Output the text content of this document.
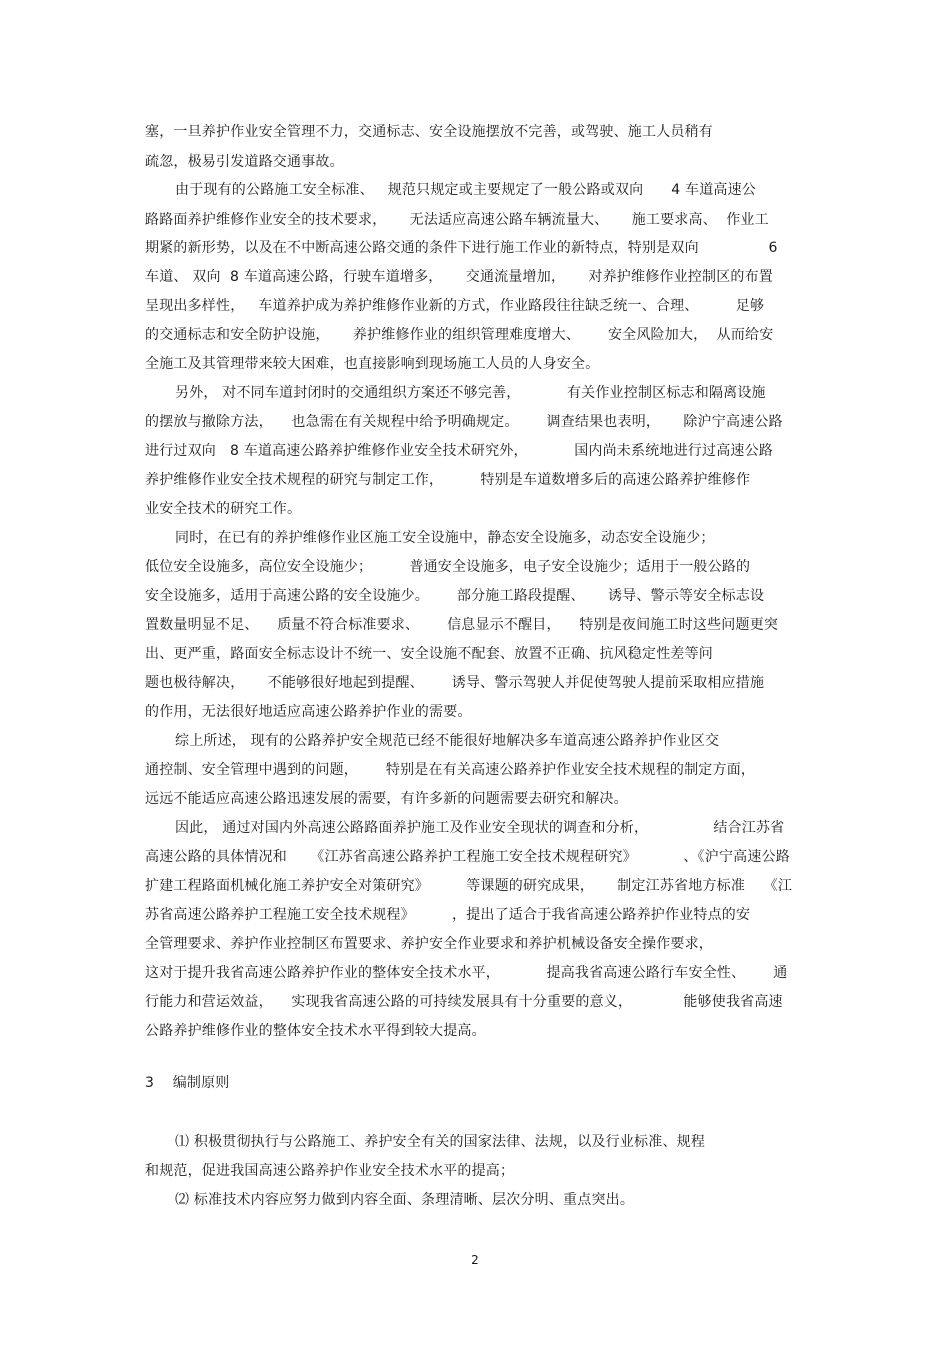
塞，一旦养护作业安全管理不力，交通标志、安全设施摆放不完善，或驾驶、施工人员稍有
疏忽，极易引发道路交通事故。
由于现有的公路施工安全标准、   规范只规定或主要规定了一般公路或双向      4 车道高速公
路路面养护维修作业安全的技术要求，     无法适应高速公路车辆流量大、     施工要求高、  作业工
期紧的新形势，以及在不中断高速公路交通的条件下进行施工作业的新特点，特别是双向               6
车道、 双向  8 车道高速公路，行驶车道增多，     交通流量增加，     对养护维修作业控制区的布置
呈现出多样性，   车道养护成为养护维修作业新的方式，作业路段往往缺乏统一、合理、        足够
的交通标志和安全防护设施，     养护维修作业的组织管理难度增大、      安全风险加大，  从而给安
全施工及其管理带来较大困难，也直接影响到现场施工人员的人身安全。
另外， 对不同车道封闭时的交通组织方案还不够完善，          有关作业控制区标志和隔离设施
的摆放与撤除方法，    也急需在有关规程中给予明确规定。      调查结果也表明，     除沪宁高速公路
进行过双向   8 车道高速公路养护维修作业安全技术研究外，          国内尚未系统地进行过高速公路
养护维修作业安全技术规程的研究与制定工作，        特别是车道数增多后的高速公路养护维修作
业安全技术的研究工作。
同时，在已有的养护维修作业区施工安全设施中，静态安全设施多，动态安全设施少；
低位安全设施多，高位安全设施少；        普通安全设施多，电子安全设施少；适用于一般公路的
安全设施多，适用于高速公路的安全设施少。      部分施工路段提醒、     诱导、警示等安全标志设
置数量明显不足、    质量不符合标准要求、      信息显示不醒目，    特别是夜间施工时这些问题更突
出、更严重，路面安全标志设计不统一、安全设施不配套、放置不正确、抗风稳定性差等问
题也极待解决，     不能够很好地起到提醒、      诱导、警示驾驶人并促使驾驶人提前采取相应措施
的作用，无法很好地适应高速公路养护作业的需要。
综上所述， 现有的公路养护安全规范已经不能很好地解决多车道高速公路养护作业区交
通控制、安全管理中遇到的问题，      特别是在有关高速公路养护作业安全技术规程的制定方面，
远远不能适应高速公路迅速发展的需要，有许多新的问题需要去研究和解决。
因此， 通过对国内外高速公路路面养护施工及作业安全现状的调查和分析，              结合江苏省
高速公路的具体情况和     《江苏省高速公路养护工程施工安全技术规程研究》          、《沪宁高速公路
扩建工程路面机械化施工养护安全对策研究》        等课题的研究成果，     制定江苏省地方标准    《江
苏省高速公路养护工程施工安全技术规程》        ，提出了适合于我省高速公路养护作业特点的安
全管理要求、养护作业控制区布置要求、养护安全作业要求和养护机械设备安全操作要求，
这对于提升我省高速公路养护作业的整体安全技术水平，          提高我省高速公路行车安全性、      通
行能力和营运效益，    实现我省高速公路的可持续发展具有十分重要的意义，           能够使我省高速
公路养护维修作业的整体安全技术水平得到较大提高。
3    编制原则
⑴ 积极贯彻执行与公路施工、养护安全有关的国家法律、法规，以及行业标准、规程
和规范，促进我国高速公路养护作业安全技术水平的提高；
⑵ 标准技术内容应努力做到内容全面、条理清晰、层次分明、重点突出。
2
